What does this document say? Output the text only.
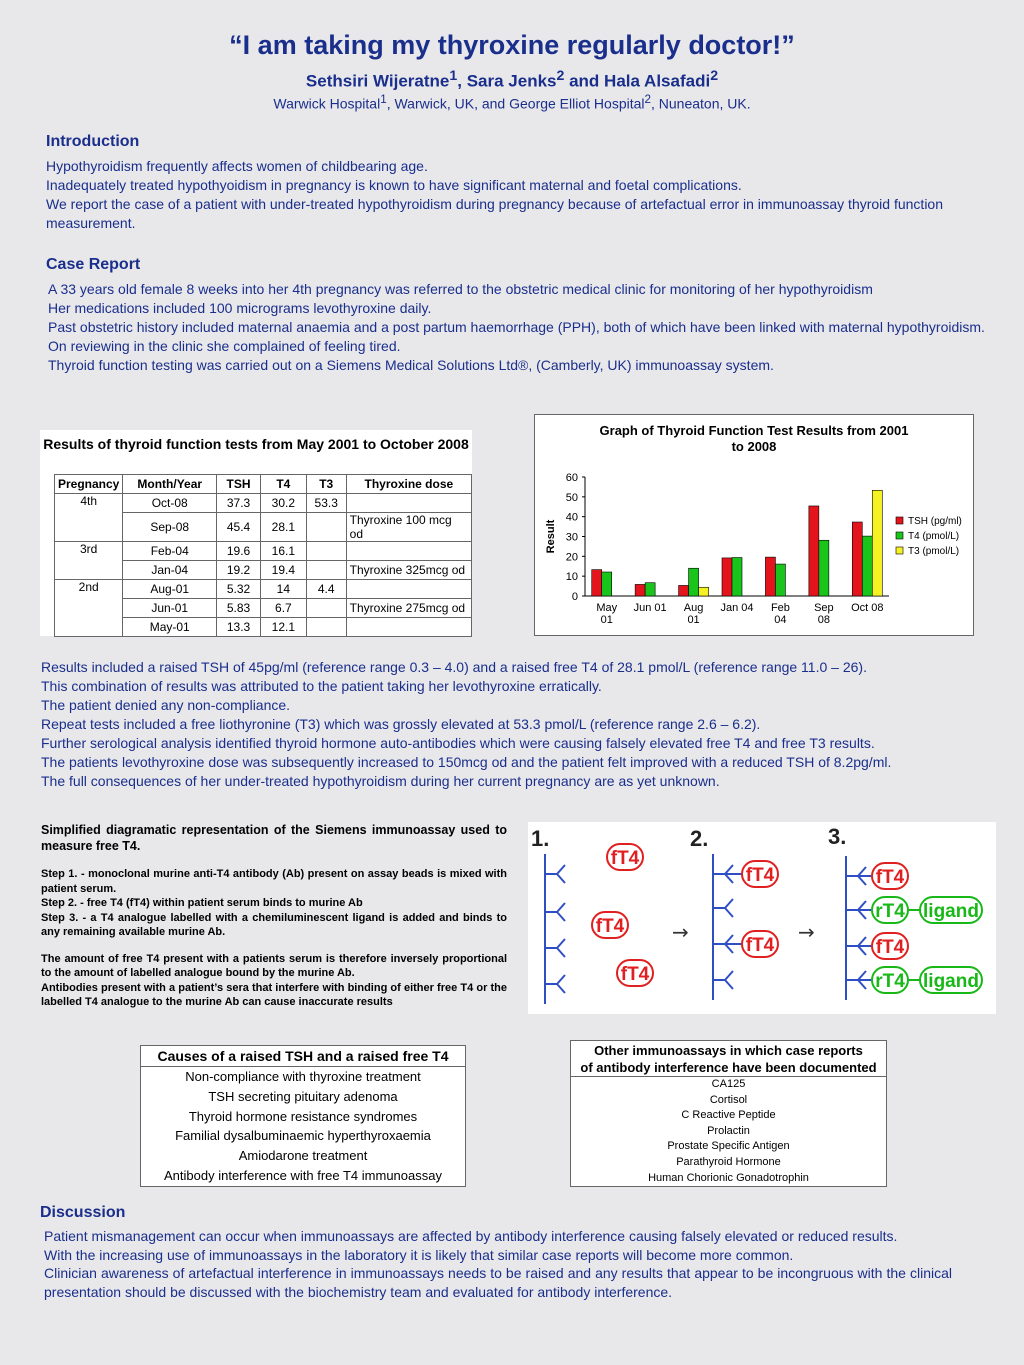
“I am taking my thyroxine regularly doctor!”
Sethsiri Wijeratne$^1$, Sara Jenks$^2$ and Hala Alsafadi$^2$
Warwick Hospital$^1$, Warwick, UK, and George Elliot Hospital$^2$, Nuneaton, UK.
Introduction

Hypothyroidism frequently affects women of childbearing age.

Inadequately treated hypothyoidism in pregnancy is known to have significant maternal and foetal complications.

We report the case of a patient with under-treated hypothyroidism during pregnancy because of artefactual error in immunoassay thyroid function measurement.

Case Report

A 33 years old female 8 weeks into her 4th pregnancy was referred to the obstetric medical clinic for monitoring of her hypothyroidism

Her medications included 100 micrograms levothyroxine daily.

Past obstetric history included maternal anaemia and a post partum haemorrhage (PPH), both of which have been linked with maternal hypothyroidism.

On reviewing in the clinic she complained of feeling tired.

Thyroid function testing was carried out on a Siemens Medical Solutions Ltd®, (Camberly, UK) immunoassay system.

Results of thyroid function tests from May 2001 to October 2008
Pregnancy	Month/Year	TSH	T4	T3	Thyroxine dose
4th	Oct-08	37.3	30.2	53.3	
	Sep-08	45.4	28.1		Thyroxine 100 mcg od
3rd	Feb-04	19.6	16.1		
	Jan-04	19.2	19.4		Thyroxine 325mcg od
2nd	Aug-01	5.32	14	4.4	
	Jun-01	5.83	6.7		Thyroxine 275mcg od
	May-01	13.3	12.1		
Graph of Thyroid Function Test Results from 2001
to 2008
0
10
20
30
40
50
60
Result
May
01
Jun 01 Aug
01
Jan 04 Feb
04
Sep
08
Oct 08
TSH (pg/ml)
T4 (pmol/L)
T3 (pmol/L)

Results included a raised TSH of 45pg/ml (reference range 0.3 – 4.0) and a raised free T4 of 28.1 pmol/L (reference range 11.0 – 26).

This combination of results was attributed to the patient taking her levothyroxine erratically.

The patient denied any non-compliance.

Repeat tests included a free liothyronine (T3) which was grossly elevated at 53.3 pmol/L (reference range 2.6 – 6.2).

Further serological analysis identified thyroid hormone auto-antibodies which were causing falsely elevated free T4 and free T3 results.

The patients levothyroxine dose was subsequently increased to 150mcg od and the patient felt improved with a reduced TSH of 8.2pg/ml.

The full consequences of her under-treated hypothyroidism during her current pregnancy are as yet unknown.

Simplified diagramatic representation of the Siemens immunoassay used to measure free T4.

Step 1. - monoclonal murine anti-T4 antibody (Ab) present on assay beads is mixed with patient serum.

Step 2. - free T4 (fT4) within patient serum binds to murine Ab

Step 3. - a T4 analogue labelled with a chemiluminescent ligand is added and binds to any remaining available murine Ab.

The amount of free T4 present with a patients serum is therefore inversely proportional to the amount of labelled analogue bound by the murine Ab.

Antibodies present with a patient’s sera that interfere with binding of either free T4 or the labelled T4 analogue to the murine Ab can cause inaccurate results

1.	2.	3.
fT4
fT4
fT4
→
fT4
fT4
→
fT4
rT4 ligand
fT4
rT4 ligand
Causes of a raised TSH and a raised free T4
Non-compliance with thyroxine treatment
TSH secreting pituitary adenoma
Thyroid hormone resistance syndromes
Familial dysalbuminaemic hyperthyroxaemia
Amiodarone treatment
Antibody interference with free T4 immunoassay
Other immunoassays in which case reports
of antibody interference have been documented
CA125
Cortisol
C Reactive Peptide
Prolactin
Prostate Specific Antigen
Parathyroid Hormone
Human Chorionic Gonadotrophin
Discussion

Patient mismanagement can occur when immunoassays are affected by antibody interference causing falsely elevated or reduced results.

With the increasing use of immunoassays in the laboratory it is likely that similar case reports will become more common.

Clinician awareness of artefactual interference in immunoassays needs to be raised and any results that appear to be incongruous with the clinical presentation should be discussed with the biochemistry team and evaluated for antibody interference.
